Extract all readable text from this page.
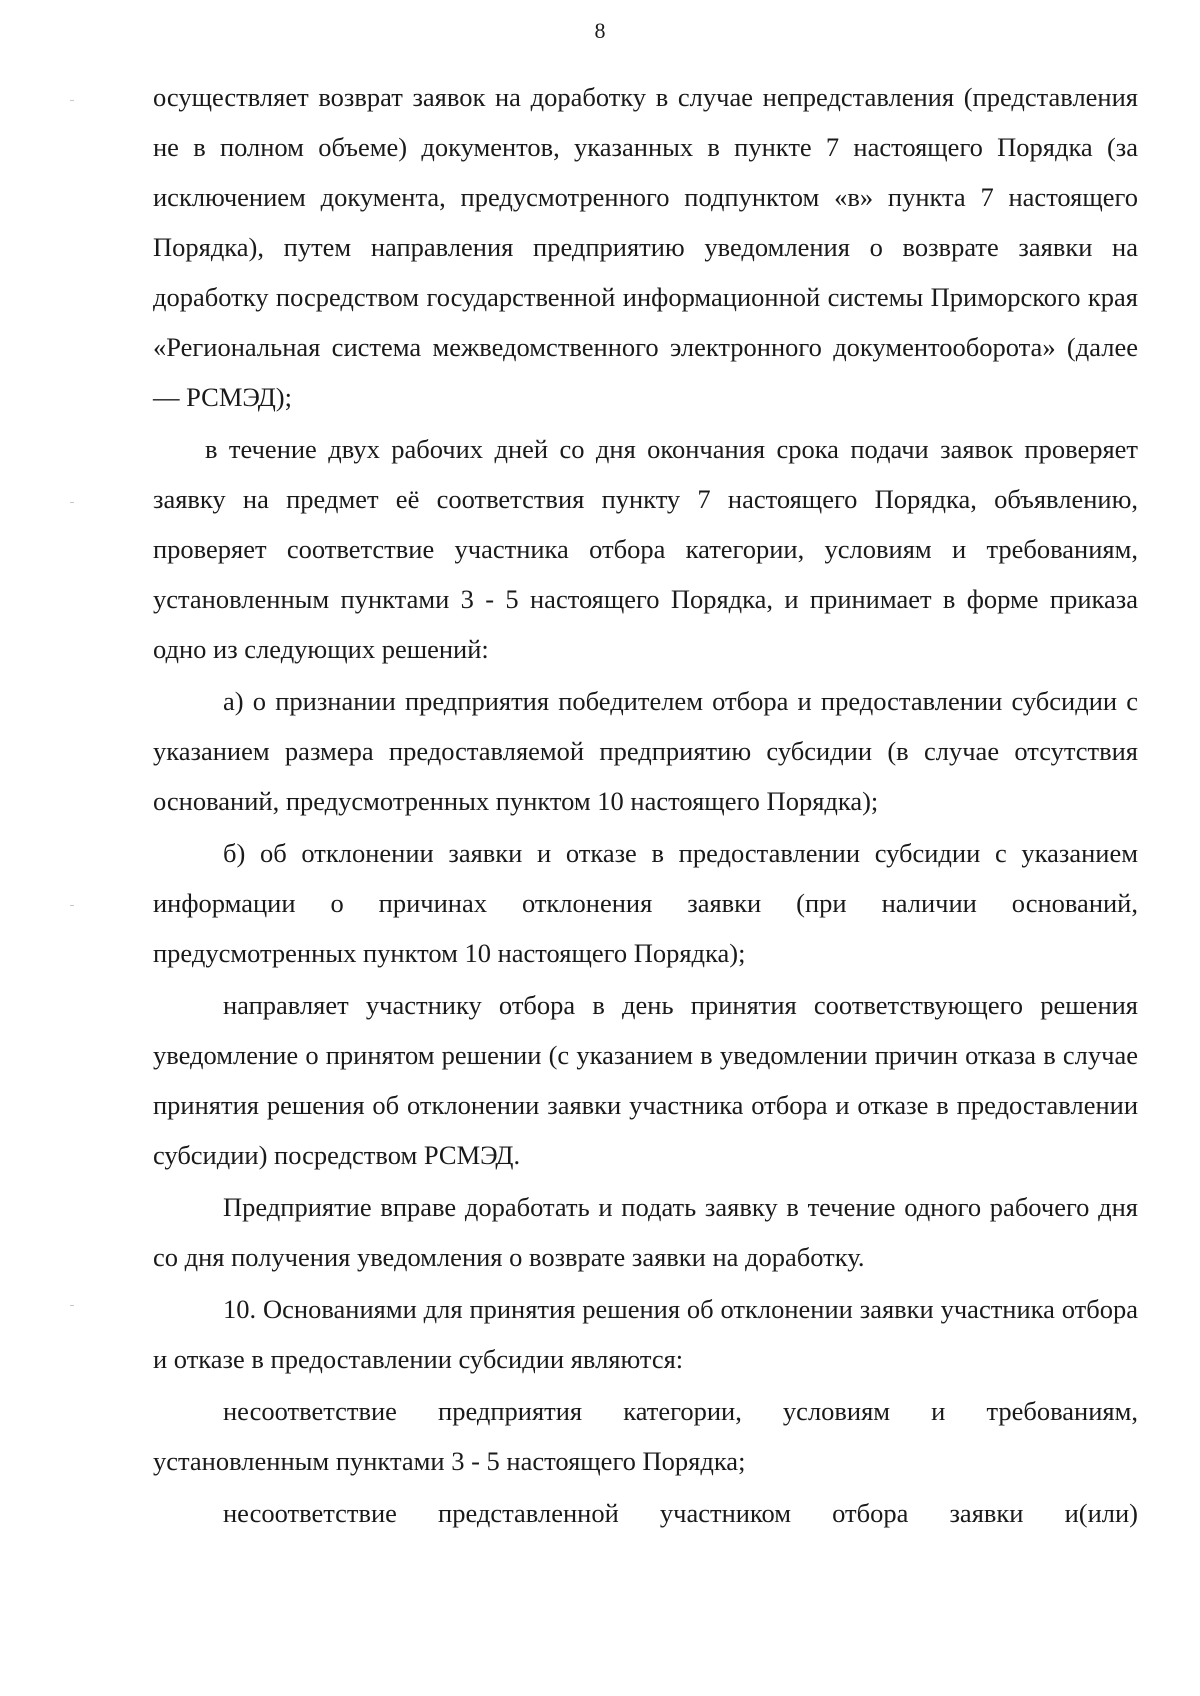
8

осуществляет возврат заявок на доработку в случае непредставления (представления не в полном объеме) документов, указанных в пункте 7 настоящего Порядка (за исключением документа, предусмотренного подпунктом «в» пункта 7 настоящего Порядка), путем направления предприятию уведомления о возврате заявки на доработку посредством государственной информационной системы Приморского края «Региональная система межведомственного электронного документооборота» (далее — РСМЭД);

в течение двух рабочих дней со дня окончания срока подачи заявок проверяет заявку на предмет её соответствия пункту 7 настоящего Порядка, объявлению, проверяет соответствие участника отбора категории, условиям и требованиям, установленным пунктами 3 - 5 настоящего Порядка, и принимает в форме приказа одно из следующих решений:

а) о признании предприятия победителем отбора и предоставлении субсидии с указанием размера предоставляемой предприятию субсидии (в случае отсутствия оснований, предусмотренных пунктом 10 настоящего Порядка);

б) об отклонении заявки и отказе в предоставлении субсидии с указанием информации о причинах отклонения заявки (при наличии оснований, предусмотренных пунктом 10 настоящего Порядка);

направляет участнику отбора в день принятия соответствующего решения уведомление о принятом решении (с указанием в уведомлении причин отказа в случае принятия решения об отклонении заявки участника отбора и отказе в предоставлении субсидии) посредством РСМЭД.

Предприятие вправе доработать и подать заявку в течение одного рабочего дня со дня получения уведомления о возврате заявки на доработку.

10. Основаниями для принятия решения об отклонении заявки участника отбора и отказе в предоставлении субсидии являются:

несоответствие предприятия категории, условиям и требованиям, установленным пунктами 3 - 5 настоящего Порядка;

несоответствие представленной участником отбора заявки и(или)
